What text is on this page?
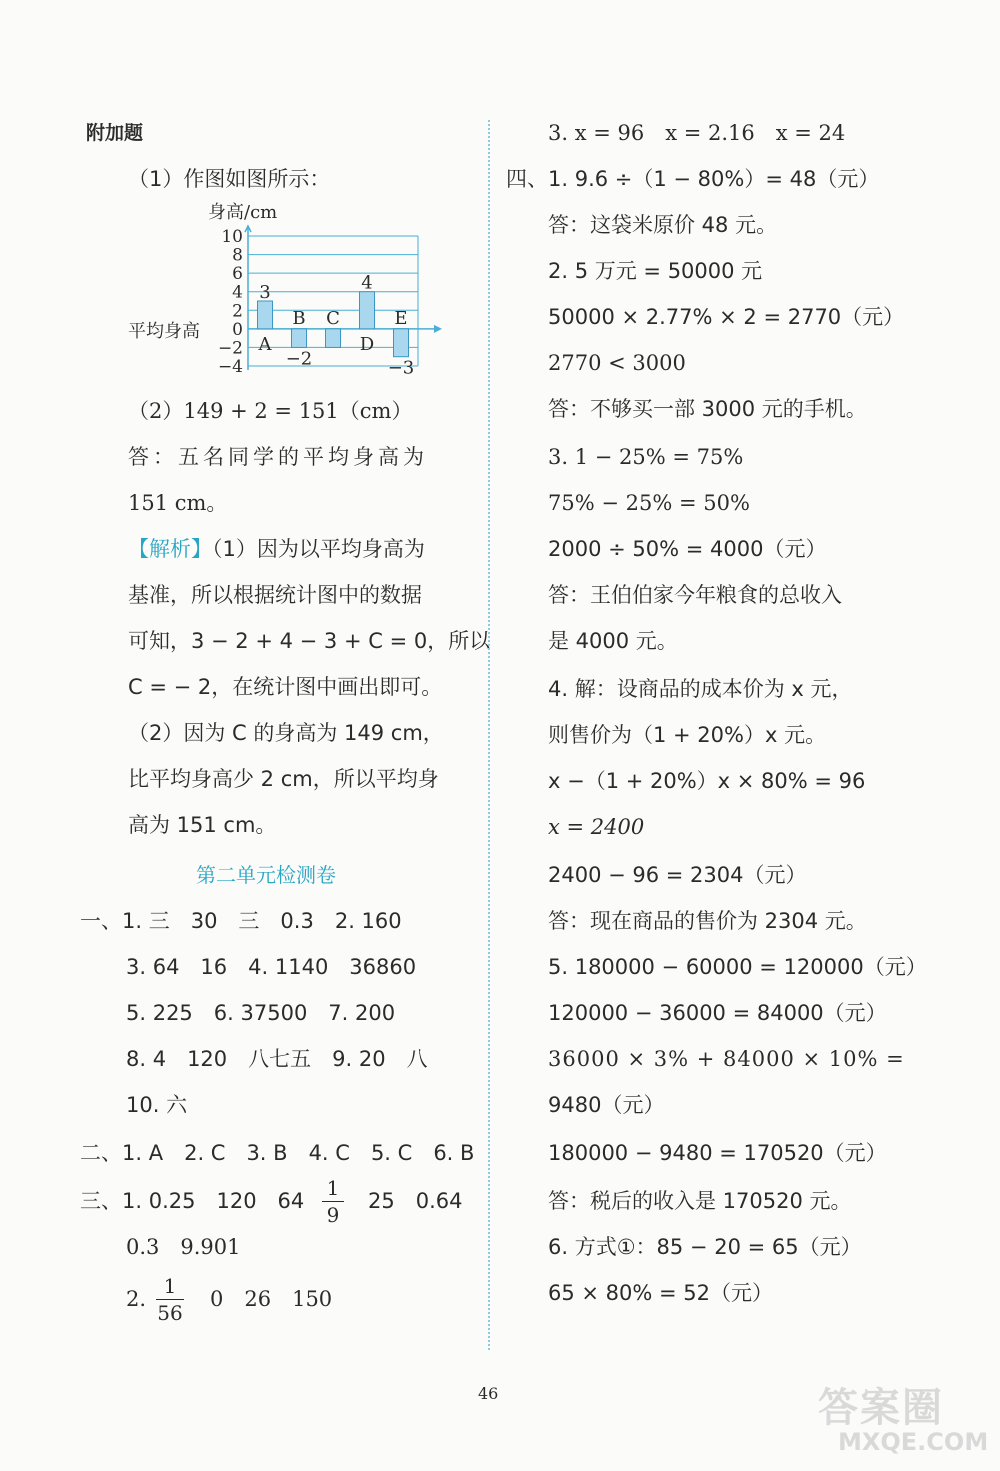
附加题
（1）作图如图所示：
身高/cm
平均身高
10
8
6
4
2
0
−2
−4
A
3
B
−2
C
D
4
E
−3
（2）149 + 2 = 151（cm）
答：五名同学的平均身高为
151 cm。
【解析】（1）因为以平均身高为
基准，所以根据统计图中的数据
可知，3 − 2 + 4 − 3 + C = 0，所以
C = − 2，在统计图中画出即可。
（2）因为 C 的身高为 149 cm，
比平均身高少 2 cm，所以平均身
高为 151 cm。
第二单元检测卷
一、1. 三　30　三　0.3　2. 160
3. 64　16　4. 1140　36860
5. 225　6. 37500　7. 200
8. 4　120　八七五　9. 20　八
10. 六
二、1. A　2. C　3. B　4. C　5. C　6. B
三、1. 0.25　120　64
1
9
25　0.64
0.3　9.901
2.
1
56
0　26　150
3. x = 96　x = 2.16　x = 24
四、1. 9.6 ÷（1 − 80%）= 48（元）
答：这袋米原价 48 元。
2. 5 万元 = 50000 元
50000 × 2.77% × 2 = 2770（元）
2770 < 3000
答：不够买一部 3000 元的手机。
3. 1 − 25% = 75%
75% − 25% = 50%
2000 ÷ 50% = 4000（元）
答：王伯伯家今年粮食的总收入
是 4000 元。
4. 解：设商品的成本价为 x 元，
则售价为（1 + 20%）x 元。
x −（1 + 20%）x × 80% = 96
x = 2400
2400 − 96 = 2304（元）
答：现在商品的售价为 2304 元。
5. 180000 − 60000 = 120000（元）
120000 − 36000 = 84000（元）
36000 × 3% + 84000 × 10% =
9480（元）
180000 − 9480 = 170520（元）
答：税后的收入是 170520 元。
6. 方式①：85 − 20 = 65（元）
65 × 80% = 52（元）
46	答案圈
MXQE.COM
